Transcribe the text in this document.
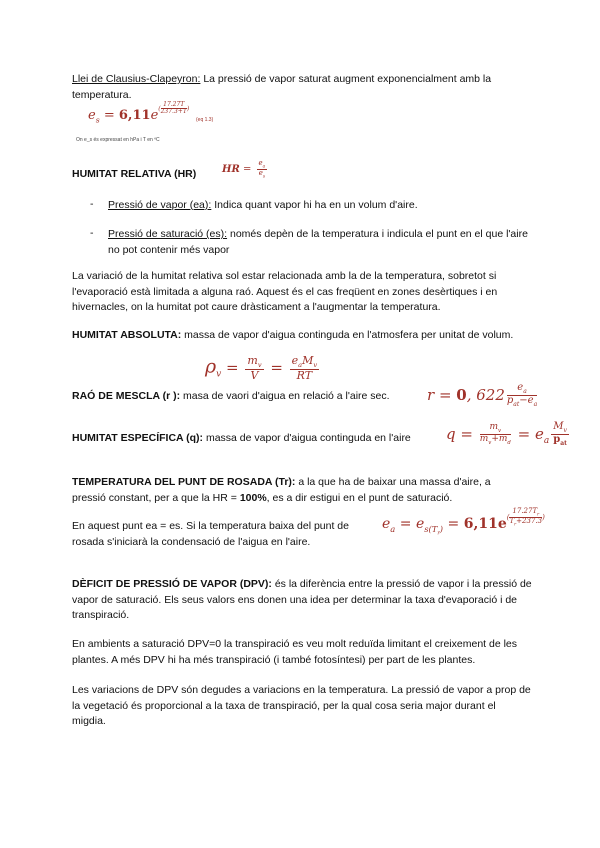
Llei de Clausius-Clapeyron: La pressió de vapor saturat augment exponencialment amb la temperatura.
$e_s = 6,11e( \frac{17.27T}{237.3+T}$ )
(eq 1.3)
On e_s és expressat en hPa i T en ºC
HUMITAT RELATIVA (HR)	HR = $\frac{e_a}{e_s}$
- Pressió de vapor (ea): Indica quant vapor hi ha en un volum d'aire.
- Pressió de saturació (es): només depèn de la temperatura i indicula el punt en el que l'aire no pot contenir més vapor
La variació de la humitat relativa sol estar relacionada amb la de la temperatura, sobretot si l'evaporació està limitada a alguna raó. Aquest és el cas freqüent en zones desèrtiques i en hivernacles, on la humitat pot caure dràsticament a l'augmentar la temperatura.
HUMITAT ABSOLUTA: massa de vapor d'aigua continguda en l'atmosfera per unitat de volum.
$\rho_v = \frac{m_v}{V} = \frac{e_aM_v}{RT}$
RAÓ DE MESCLA (r ): masa de vaori d'aigua en relació a l'aire sec. r = 0, $622 \frac{e_a}{p_{at}-e_a}$
HUMITAT ESPECÍFICA (q): massa de vapor d'aigua continguda en l'aire	$q = \frac{m_v}{m_v+m_d} = e_a \frac{M_v}{p_{at}}$
TEMPERATURA DEL PUNT DE ROSADA (Tr): a la que ha de baixar una massa d'aire, a pressió constant, per a que la HR = 100%, es a dir estigui en el punt de saturació.
En aquest punt ea = es. Si la temperatura baixa del punt de rosada s'iniciarà la condensació de l'aigua en l'aire.
$e_a = e_{s(T_r)} = 6,11e( \frac{17.27T_r}{T_r+237.3}$ )
DÈFICIT DE PRESSIÓ DE VAPOR (DPV): és la diferència entre la pressió de vapor i la pressió de vapor de saturació. Els seus valors ens donen una idea per determinar la taxa d'evaporació i de transpiració.
En ambients a saturació DPV=0 la transpiració es veu molt reduïda limitant el creixement de les plantes. A més DPV hi ha més transpiració (i també fotosíntesi) per part de les plantes.
Les variacions de DPV són degudes a variacions en la temperatura. La pressió de vapor a prop de la vegetació és proporcional a la taxa de transpiració, per la qual cosa seria major durant el migdia.
